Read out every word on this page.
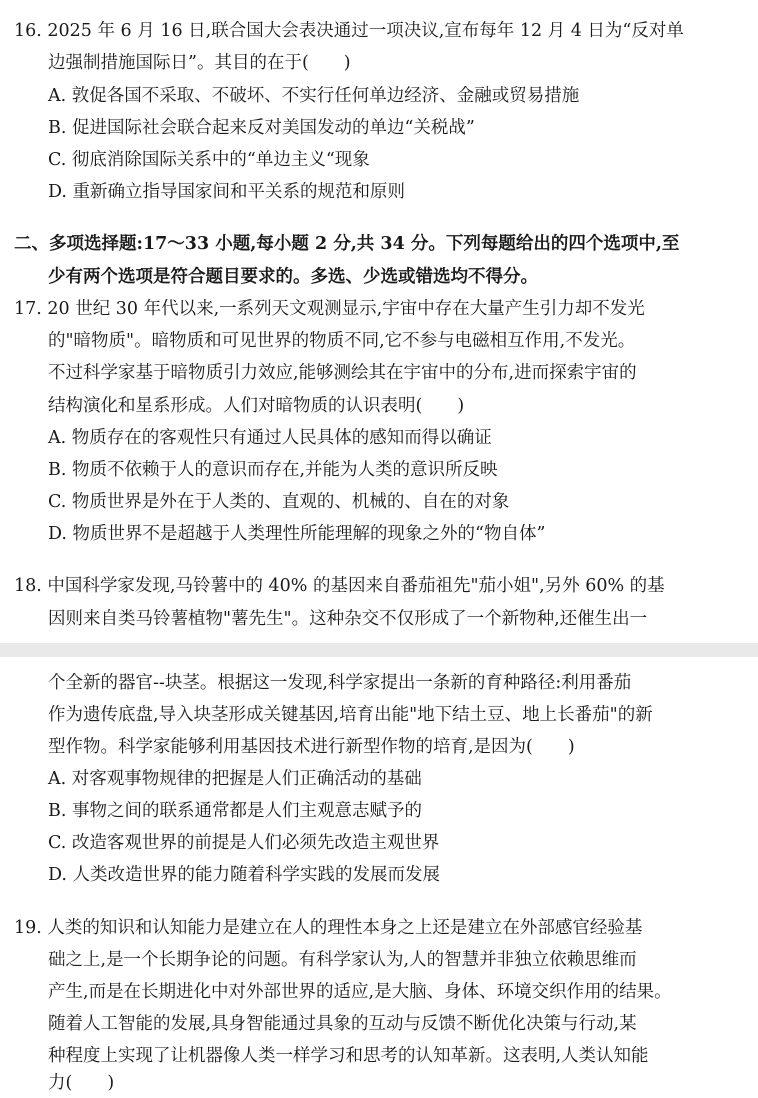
16. 2025 年 6 月 16 日,联合国大会表决通过一项决议,宣布每年 12 月 4 日为“反对单
边强制措施国际日”。其目的在于(　　)
A. 敦促各国不采取、不破坏、不实行任何单边经济、金融或贸易措施
B. 促进国际社会联合起来反对美国发动的单边“关税战”
C. 彻底消除国际关系中的“单边主义“现象
D. 重新确立指导国家间和平关系的规范和原则
二、多项选择题:17～33 小题,每小题 2 分,共 34 分。下列每题给出的四个选项中,至
少有两个选项是符合题目要求的。多选、少选或错选均不得分。
17. 20 世纪 30 年代以来,一系列天文观测显示,宇宙中存在大量产生引力却不发光
的"暗物质"。暗物质和可见世界的物质不同,它不参与电磁相互作用,不发光。
不过科学家基于暗物质引力效应,能够测绘其在宇宙中的分布,进而探索宇宙的
结构演化和星系形成。人们对暗物质的认识表明(　　)
A. 物质存在的客观性只有通过人民具体的感知而得以确证
B. 物质不依赖于人的意识而存在,并能为人类的意识所反映
C. 物质世界是外在于人类的、直观的、机械的、自在的对象
D. 物质世界不是超越于人类理性所能理解的现象之外的“物自体”
18. 中国科学家发现,马铃薯中的 40% 的基因来自番茄祖先"茄小姐",另外 60% 的基
因则来自类马铃薯植物"薯先生"。这种杂交不仅形成了一个新物种,还催生出一
个全新的器官--块茎。根据这一发现,科学家提出一条新的育种路径:利用番茄
作为遗传底盘,导入块茎形成关键基因,培育出能"地下结土豆、地上长番茄"的新
型作物。科学家能够利用基因技术进行新型作物的培育,是因为(　　)
A. 对客观事物规律的把握是人们正确活动的基础
B. 事物之间的联系通常都是人们主观意志赋予的
C. 改造客观世界的前提是人们必须先改造主观世界
D. 人类改造世界的能力随着科学实践的发展而发展
19. 人类的知识和认知能力是建立在人的理性本身之上还是建立在外部感官经验基
础之上,是一个长期争论的问题。有科学家认为,人的智慧并非独立依赖思维而
产生,而是在长期进化中对外部世界的适应,是大脑、身体、环境交织作用的结果。
随着人工智能的发展,具身智能通过具象的互动与反馈不断优化决策与行动,某
种程度上实现了让机器像人类一样学习和思考的认知革新。这表明,人类认知能
力(　　)
